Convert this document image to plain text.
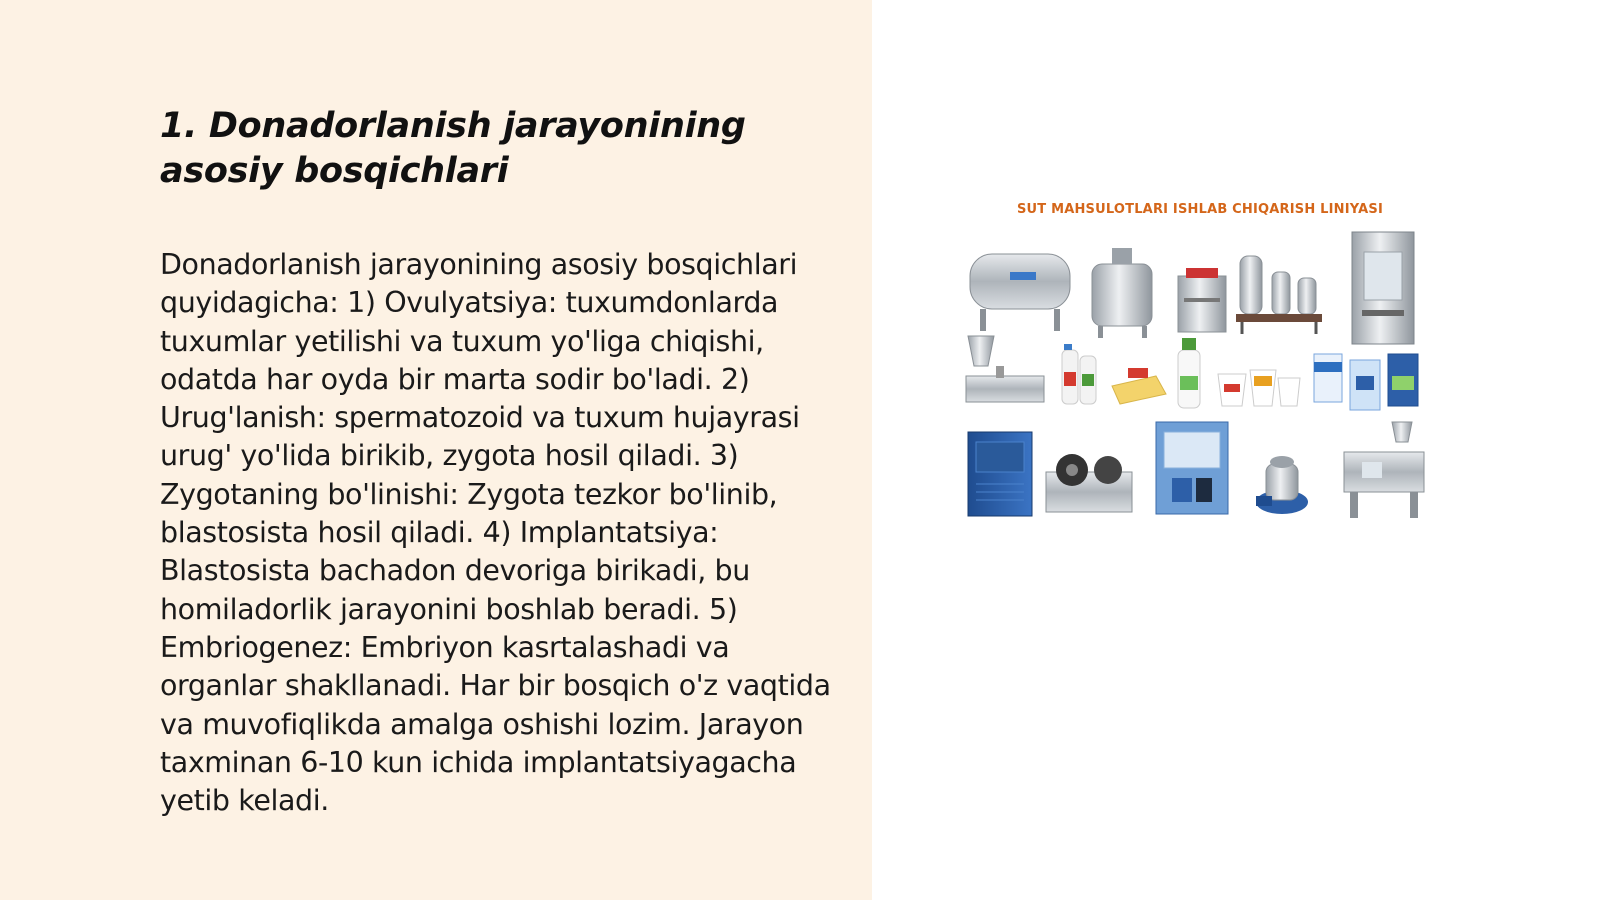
1. Donadorlanish jarayonining asosiy bosqichlari

Donadorlanish jarayonining asosiy bosqichlari quyidagicha: 1) Ovulyatsiya: tuxumdonlarda tuxumlar yetilishi va tuxum yo'liga chiqishi, odatda har oyda bir marta sodir bo'ladi. 2) Urug'lanish: spermatozoid va tuxum hujayrasi urug' yo'lida birikib, zygota hosil qiladi. 3) Zygotaning bo'linishi: Zygota tezkor bo'linib, blastosista hosil qiladi. 4) Implantatsiya: Blastosista bachadon devoriga birikadi, bu homiladorlik jarayonini boshlab beradi. 5) Embriogenez: Embriyon kasrtalashadi va organlar shakllanadi. Har bir bosqich o'z vaqtida va muvofiqlikda amalga oshishi lozim. Jarayon taxminan 6-10 kun ichida implantatsiyagacha yetib keladi.

SUT MAHSULOTLARI ISHLAB CHIQARISH LINIYASI
